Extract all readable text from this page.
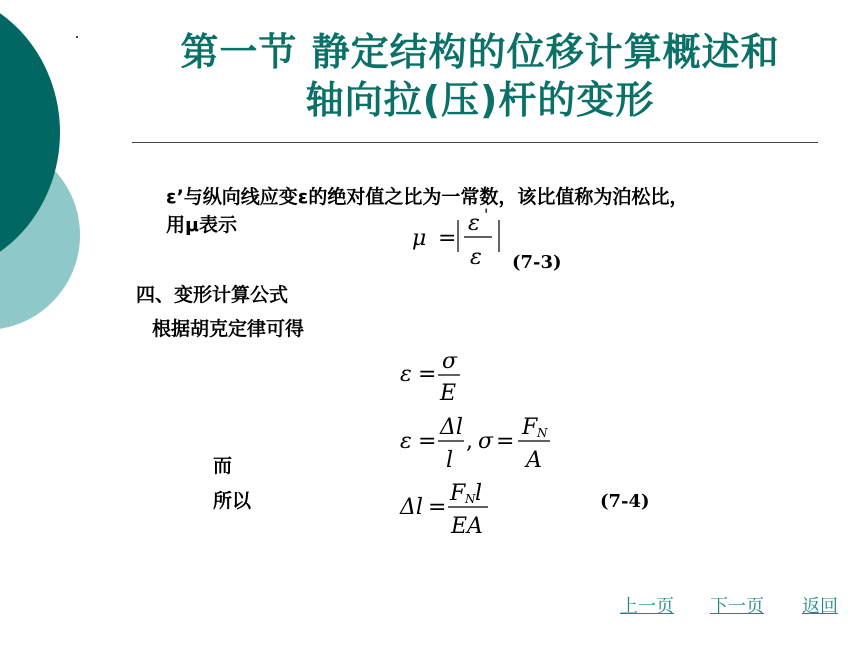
第一节 静定结构的位移计算概述和
轴向拉(压)杆的变形
ε’与纵向线应变ε的绝对值之比为一常数，该比值称为泊松比，
用μ表示
μ =
ε '
ε (7-3)
四、变形计算公式
根据胡克定律可得
ε =
σ
E
ε =
Δl
l
, σ =
F N
A
而
所以	Δl =
F N l
EA
(7-4)
上一页 下一页 返回
